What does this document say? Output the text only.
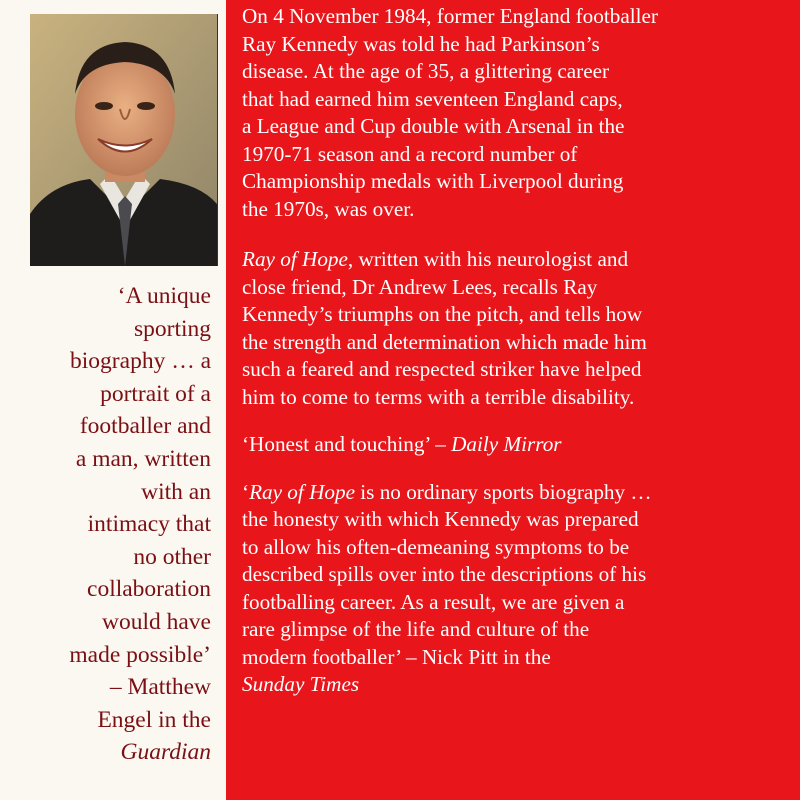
‘A unique
sporting
biography … a
portrait of a
footballer and
a man, written
with an
intimacy that
no other
collaboration
would have
made possible’
– Matthew
Engel in the
Guardian
On 4 November 1984, former England footballer
Ray Kennedy was told he had Parkinson’s
disease. At the age of 35, a glittering career
that had earned him seventeen England caps,
a League and Cup double with Arsenal in the
1970-71 season and a record number of
Championship medals with Liverpool during
the 1970s, was over.
Ray of Hope, written with his neurologist and
close friend, Dr Andrew Lees, recalls Ray
Kennedy’s triumphs on the pitch, and tells how
the strength and determination which made him
such a feared and respected striker have helped
him to come to terms with a terrible disability.
‘Honest and touching’ – Daily Mirror
‘Ray of Hope is no ordinary sports biography …
the honesty with which Kennedy was prepared
to allow his often-demeaning symptoms to be
described spills over into the descriptions of his
footballing career. As a result, we are given a
rare glimpse of the life and culture of the
modern footballer’ – Nick Pitt in the
Sunday Times
